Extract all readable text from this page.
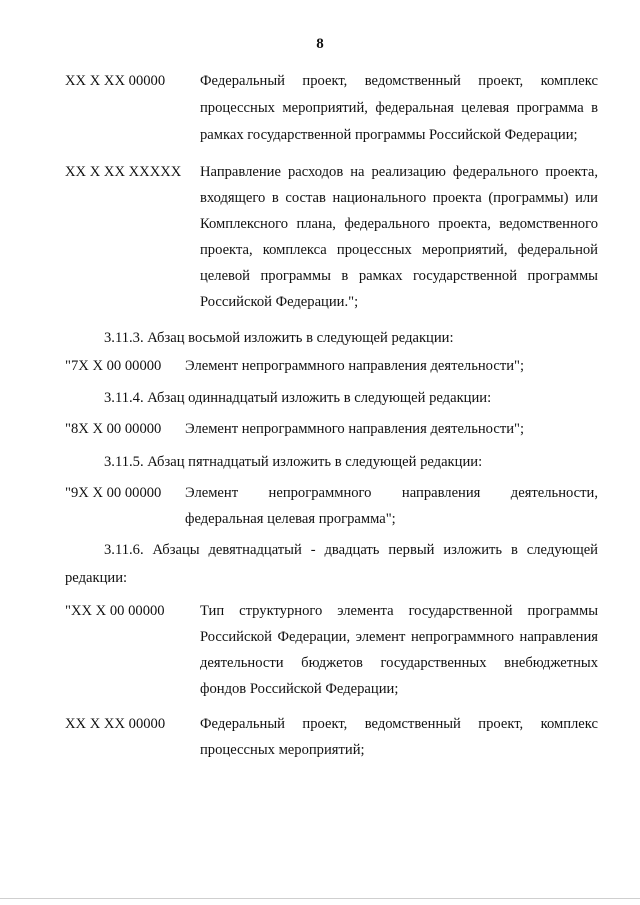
8
XX X XX 00000 Федеральный проект, ведомственный проект, комплекс
процессных мероприятий, федеральная целевая программа в
рамках государственной программы Российской Федерации;
XX X XX XXXXX Направление расходов на реализацию федерального проекта,
входящего в состав национального проекта (программы) или
Комплексного плана, федерального проекта, ведомственного
проекта, комплекса процессных мероприятий, федеральной
целевой программы в рамках государственной программы
Российской Федерации.";
3.11.3. Абзац восьмой изложить в следующей редакции:
"7X X 00 00000 Элемент непрограммного направления деятельности";
3.11.4. Абзац одиннадцатый изложить в следующей редакции:
"8X X 00 00000 Элемент непрограммного направления деятельности";
3.11.5. Абзац пятнадцатый изложить в следующей редакции:
"9X X 00 00000 Элемент непрограммного направления деятельности,
федеральная целевая программа";
3.11.6. Абзацы девятнадцатый - двадцать первый изложить в следующей
редакции:
"XX X 00 00000 Тип структурного элемента государственной программы
Российской Федерации, элемент непрограммного направления
деятельности бюджетов государственных внебюджетных
фондов Российской Федерации;
XX X XX 00000 Федеральный проект, ведомственный проект, комплекс
процессных мероприятий;
